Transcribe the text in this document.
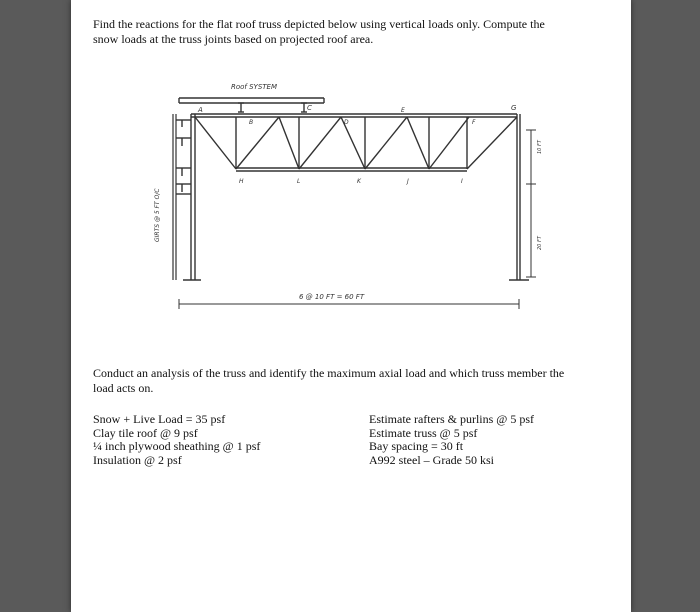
Find the reactions for the flat roof truss depicted below using vertical loads only. Compute the
snow loads at the truss joints based on projected roof area.
Roof SYSTEM
A
B
C
D
E
F
G
H	L	K	J	I
GIRTS @ 5 FT O/C
10 FT
20 FT
6 @ 10 FT = 60 FT
Conduct an analysis of the truss and identify the maximum axial load and which truss member the
load acts on.
Snow + Live Load = 35 psf
Clay tile roof @ 9 psf
¼ inch plywood sheathing @ 1 psf
Insulation @ 2 psf
Estimate rafters & purlins @ 5 psf
Estimate truss @ 5 psf
Bay spacing = 30 ft
A992 steel – Grade 50 ksi
